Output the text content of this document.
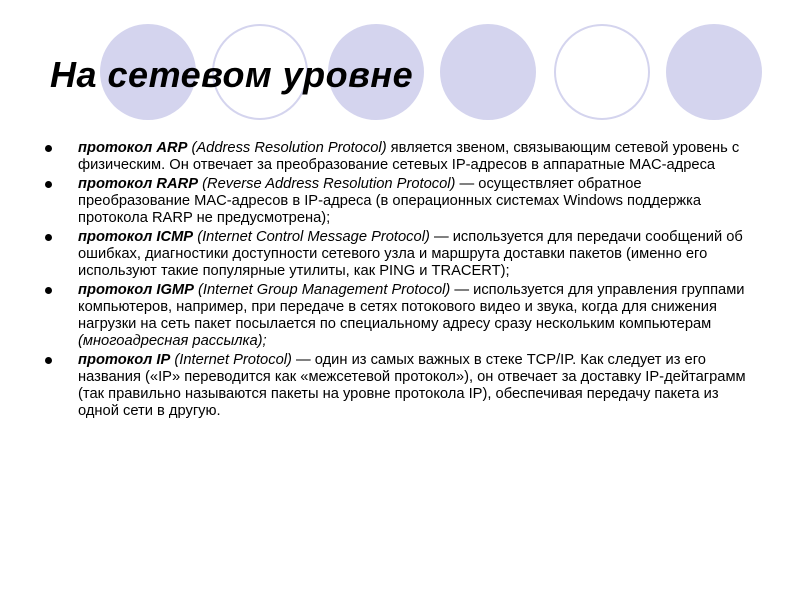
На сетевом уровне
протокол ARP (Address Resolution Protocol) является звеном, связывающим сетевой уровень с физическим. Он отвечает за преобразование сетевых IP-адресов в аппаратные MAC-адреса
протокол RARP (Reverse Address Resolution Protocol) — осуществляет обратное преобразование MAC-адресов в IP-адреса (в операционных системах Windows поддержка протокола RARP не предусмотрена);
протокол ICMP (Internet Control Message Protocol) — используется для передачи сообщений об ошибках, диагностики доступности сетевого узла и маршрута доставки пакетов (именно его используют такие популярные утилиты, как PING и TRACERT);
протокол IGMP (Internet Group Management Protocol) — используется для управления группами компьютеров, например, при передаче в сетях потокового видео и звука, когда для снижения нагрузки на сеть пакет посылается по специальному адресу сразу нескольким компьютерам (многоадресная рассылка);
протокол IP (Internet Protocol) — один из самых важных в стеке TCP/IP. Как следует из его названия («IP» переводится как «межсетевой протокол»), он отвечает за доставку IP-дейтаграмм (так правильно называются пакеты на уровне протокола IP), обеспечивая передачу пакета из одной сети в другую.
